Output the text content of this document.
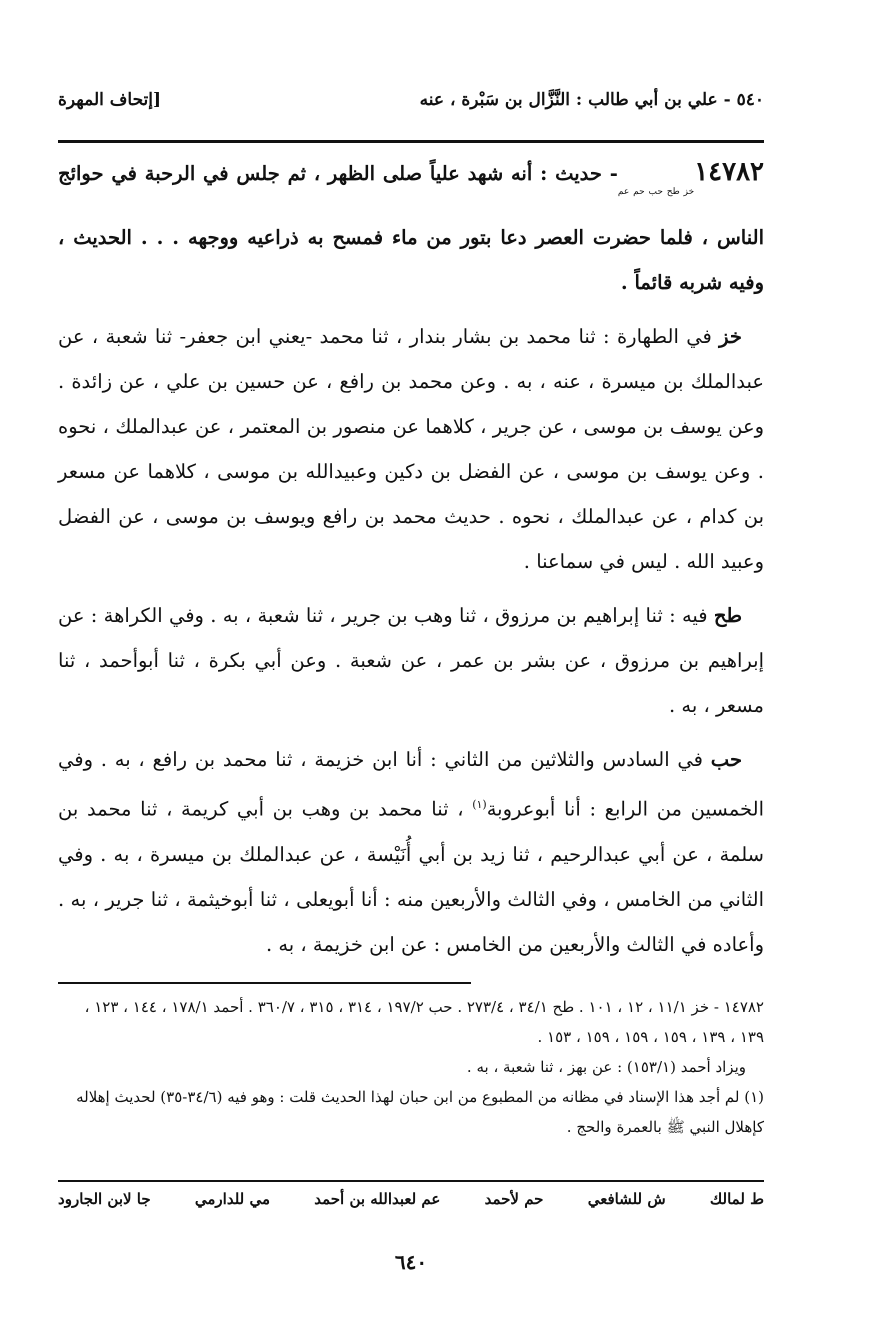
٥٤٠ - علي بن أبي طالب : النَّزَّال بن سَبْرة ، عنه
[إتحاف المهرة

$١٤٧٨٢_{خز طح حب حم عم}-$ حديث : أنه شهد علياً صلى الظهر ، ثم جلس في الرحبة في حوائج الناس ، فلما حضرت العصر دعا بتور من ماء فمسح به ذراعيه ووجهه . . . الحديث ، وفيه شربه قائماً .

خز في الطهارة : ثنا محمد بن بشار بندار ، ثنا محمد -يعني ابن جعفر- ثنا شعبة ، عن عبدالملك بن ميسرة ، عنه ، به . وعن محمد بن رافع ، عن حسين بن علي ، عن زائدة . وعن يوسف بن موسى ، عن جرير ، كلاهما عن منصور بن المعتمر ، عن عبدالملك ، نحوه . وعن يوسف بن موسى ، عن الفضل بن دكين وعبيدالله بن موسى ، كلاهما عن مسعر بن كدام ، عن عبدالملك ، نحوه . حديث محمد بن رافع ويوسف بن موسى ، عن الفضل وعبيد الله . ليس في سماعنا .

طح فيه : ثنا إبراهيم بن مرزوق ، ثنا وهب بن جرير ، ثنا شعبة ، به . وفي الكراهة : عن إبراهيم بن مرزوق ، عن بشر بن عمر ، عن شعبة . وعن أبي بكرة ، ثنا أبوأحمد ، ثنا مسعر ، به .

حب في السادس والثلاثين من الثاني : أنا ابن خزيمة ، ثنا محمد بن رافع ، به . وفي الخمسين من الرابع : أنا أبوعروبة$^{(١)}$ ، ثنا محمد بن وهب بن أبي كريمة ، ثنا محمد بن سلمة ، عن أبي عبدالرحيم ، ثنا زيد بن أبي أُنَيْسة ، عن عبدالملك بن ميسرة ، به . وفي الثاني من الخامس ، وفي الثالث والأربعين منه : أنا أبويعلى ، ثنا أبوخيثمة ، ثنا جرير ، به . وأعاده في الثالث والأربعين من الخامس : عن ابن خزيمة ، به .

١٤٧٨٢ - خز ١١/١ ، ١٢ ، ١٠١ . طح ٣٤/١ ، ٢٧٣/٤ . حب ١٩٧/٢ ، ٣١٤ ، ٣١٥ ، ٣٦٠/٧ . أحمد ١٧٨/١ ، ١٤٤ ، ١٢٣ ، ١٣٩ ، ١٣٩ ، ١٥٩ ، ١٥٩ ، ١٥٩ ، ١٥٣ .
ويزاد أحمد (١٥٣/١) : عن بهز ، ثنا شعبة ، به .
(١) لم أجد هذا الإسناد في مظانه من المطبوع من ابن حبان لهذا الحديث قلت : وهو فيه (٣٤/٦-٣٥) لحديث إهلاله كإهلال النبي ﷺ بالعمرة والحج .
ط لمالك
ش للشافعي
حم لأحمد
عم لعبدالله بن أحمد
مي للدارمي
جا لابن الجارود
٦٤٠
